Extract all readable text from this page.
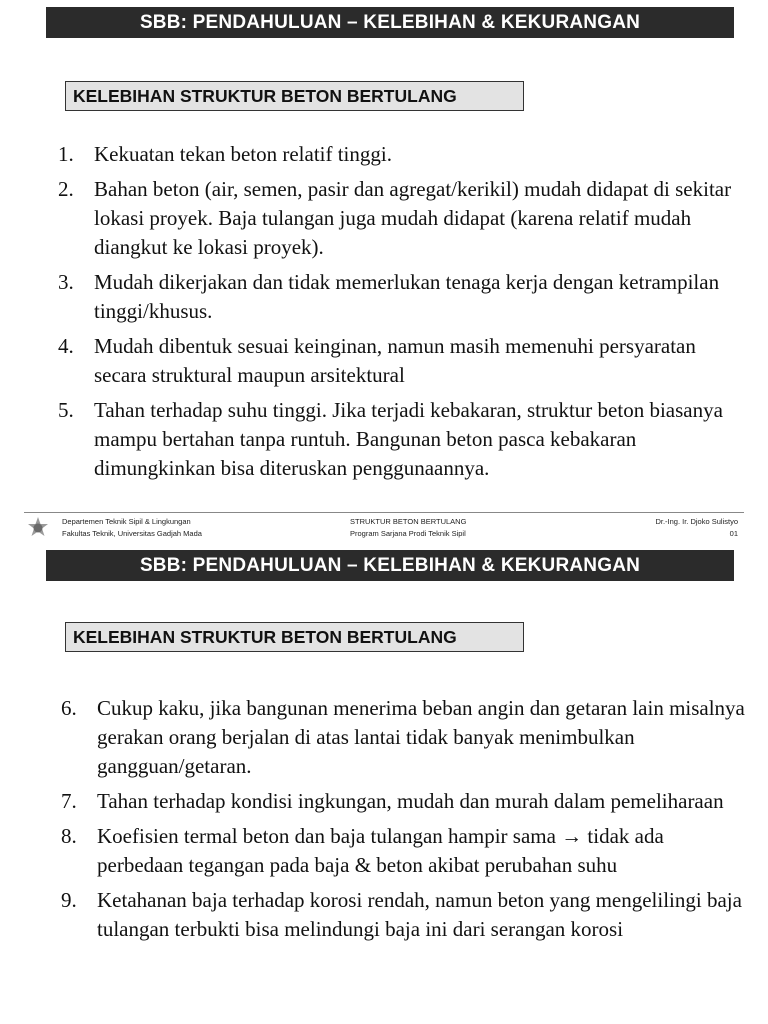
SBB: PENDAHULUAN – KELEBIHAN & KEKURANGAN
KELEBIHAN STRUKTUR BETON BERTULANG
1. Kekuatan tekan beton relatif tinggi.
2. Bahan beton (air, semen, pasir dan agregat/kerikil) mudah didapat di sekitar lokasi proyek. Baja tulangan juga mudah didapat (karena relatif mudah diangkut ke lokasi proyek).
3. Mudah dikerjakan dan tidak memerlukan tenaga kerja dengan ketrampilan tinggi/khusus.
4. Mudah dibentuk sesuai keinginan, namun masih memenuhi persyaratan secara struktural maupun arsitektural
5. Tahan terhadap suhu tinggi. Jika terjadi kebakaran, struktur beton biasanya mampu bertahan tanpa runtuh. Bangunan beton pasca kebakaran dimungkinkan bisa diteruskan penggunaannya.
Departemen Teknik Sipil & Lingkungan
Fakultas Teknik, Universitas Gadjah Mada
STRUKTUR BETON BERTULANG
Program Sarjana Prodi Teknik Sipil
Dr.-Ing. Ir. Djoko Sulistyo
01
SBB: PENDAHULUAN – KELEBIHAN & KEKURANGAN
KELEBIHAN STRUKTUR BETON BERTULANG
6. Cukup kaku, jika bangunan menerima beban angin dan getaran lain misalnya gerakan orang berjalan di atas lantai tidak banyak menimbulkan gangguan/getaran.
7. Tahan terhadap kondisi ingkungan, mudah dan murah dalam pemeliharaan
8. Koefisien termal beton dan baja tulangan hampir sama → tidak ada perbedaan tegangan pada baja & beton akibat perubahan suhu
9. Ketahanan baja terhadap korosi rendah, namun beton yang mengelilingi baja tulangan terbukti bisa melindungi baja ini dari serangan korosi
